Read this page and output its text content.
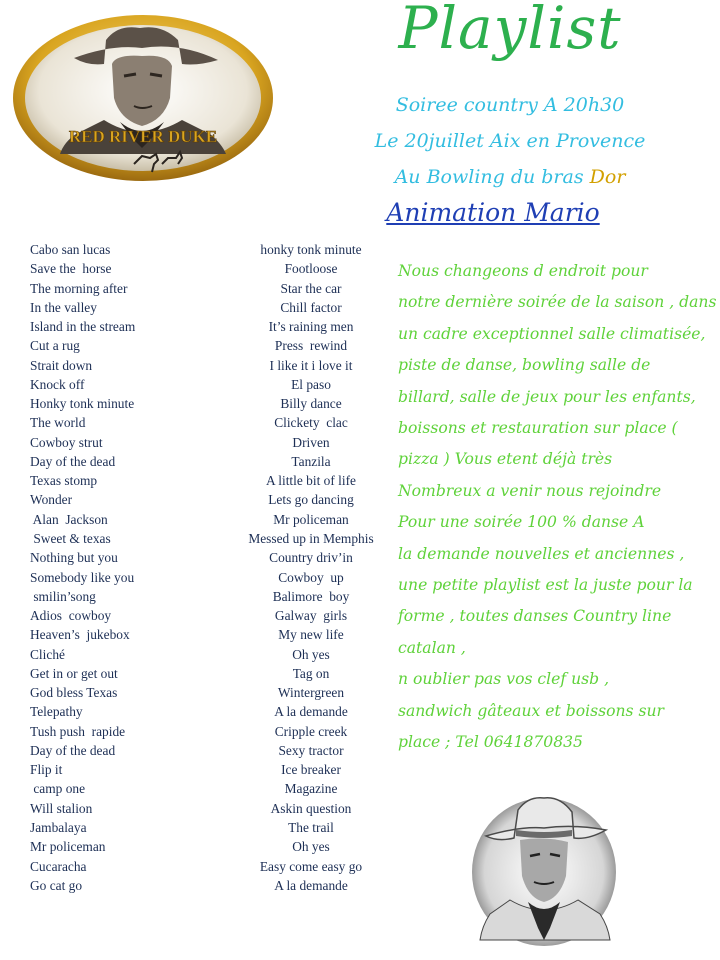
RED RIVER DUKE
Playlist
Soiree country A 20h30
Le 20juillet Aix en Provence
Au Bowling du bras Dor
Animation Mario
Cabo san lucas
Save the  horse
The morning after
In the valley
Island in the stream
Cut a rug
Strait down
Knock off
Honky tonk minute
The world
Cowboy strut
Day of the dead
Texas stomp
Wonder
Alan  Jackson
Sweet & texas
Nothing but you
Somebody like you
smilin’song
Adios  cowboy
Heaven’s  jukebox
Cliché
Get in or get out
God bless Texas
Telepathy
Tush push  rapide
Day of the dead
Flip it
camp one
Will stalion
Jambalaya
Mr policeman
Cucaracha
Go cat go
honky tonk minute
Footloose
Star the car
Chill factor
It’s raining men
Press  rewind
I like it i love it
El paso
Billy dance
Clickety  clac
Driven
Tanzila
A little bit of life
Lets go dancing
Mr policeman
Messed up in Memphis
Country driv’in
Cowboy  up
Balimore  boy
Galway  girls
My new life
Oh yes
Tag on
Wintergreen
A la demande
Cripple creek
Sexy tractor
Ice breaker
Magazine
Askin question
The trail
Oh yes
Easy come easy go
A la demande
Nous changeons d endroit pour
notre dernière soirée de la saison , dans
un cadre exceptionnel salle climatisée,
piste de danse, bowling salle de
billard, salle de jeux pour les enfants,
boissons et restauration sur place (
pizza ) Vous etent déjà très
Nombreux a venir nous rejoindre
Pour une soirée 100 % danse A
la demande nouvelles et anciennes ,
une petite playlist est la juste pour la
forme , toutes danses Country line
catalan ,
n oublier pas vos clef usb ,
sandwich gâteaux et boissons sur
place ; Tel 0641870835
